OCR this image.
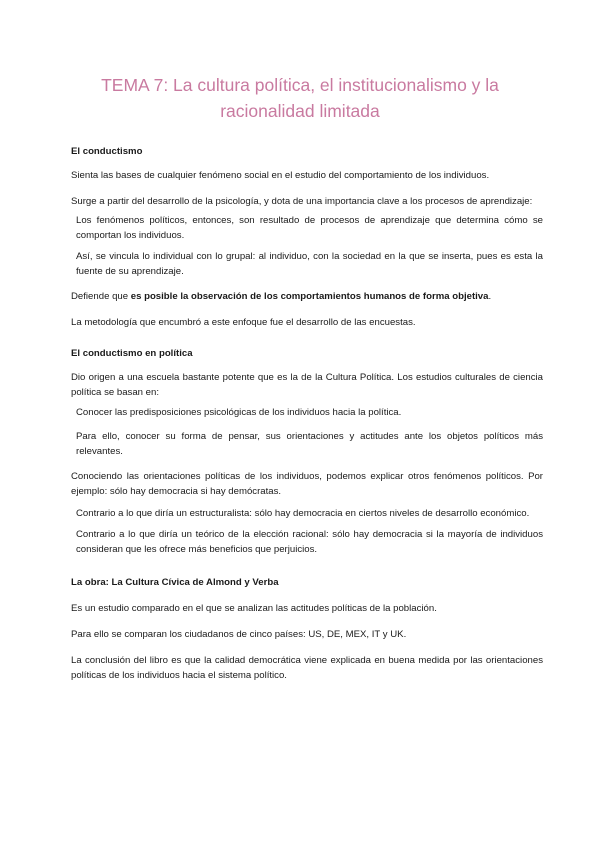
TEMA 7: La cultura política, el institucionalismo y la
racionalidad limitada
El conductismo

Sienta las bases de cualquier fenómeno social en el estudio del comportamiento de los individuos.

Surge a partir del desarrollo de la psicología, y dota de una importancia clave a los procesos de aprendizaje:

Los fenómenos políticos, entonces, son resultado de procesos de aprendizaje que determina cómo se comportan los individuos.

Así, se vincula lo individual con lo grupal: al individuo, con la sociedad en la que se inserta, pues es esta la fuente de su aprendizaje.

Defiende que es posible la observación de los comportamientos humanos de forma objetiva.

La metodología que encumbró a este enfoque fue el desarrollo de las encuestas.

El conductismo en política

Dio origen a una escuela bastante potente que es la de la Cultura Política. Los estudios culturales de ciencia política se basan en:

Conocer las predisposiciones psicológicas de los individuos hacia la política.

Para ello, conocer su forma de pensar, sus orientaciones y actitudes ante los objetos políticos más relevantes.

Conociendo las orientaciones políticas de los individuos, podemos explicar otros fenómenos políticos. Por ejemplo: sólo hay democracia si hay demócratas.

Contrario a lo que diría un estructuralista: sólo hay democracia en ciertos niveles de desarrollo económico.

Contrario a lo que diría un teórico de la elección racional: sólo hay democracia si la mayoría de individuos consideran que les ofrece más beneficios que perjuicios.

La obra: La Cultura Cívica de Almond y Verba

Es un estudio comparado en el que se analizan las actitudes políticas de la población.

Para ello se comparan los ciudadanos de cinco países: US, DE, MEX, IT y UK.

La conclusión del libro es que la calidad democrática viene explicada en buena medida por las orientaciones políticas de los individuos hacia el sistema político.
